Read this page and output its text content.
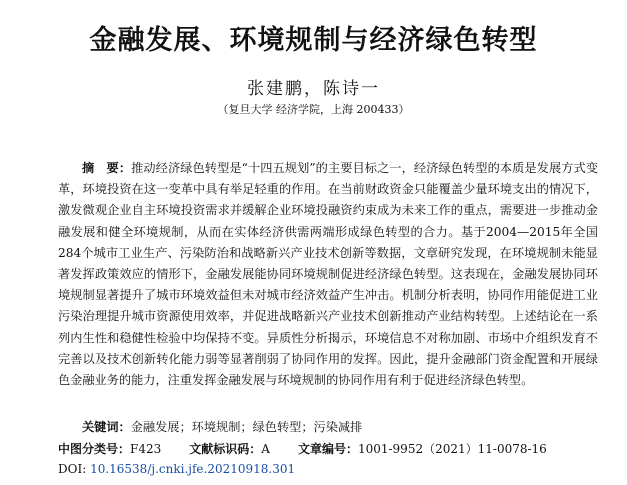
金融发展、环境规制与经济绿色转型
张建鹏，陈诗一
（复旦大学 经济学院，上海 200433）
摘　要：推动经济绿色转型是“十四五规划”的主要目标之一，经济绿色转型的本质是发展方式变革，环境投资在这一变革中具有举足轻重的作用。在当前财政资金只能覆盖少量环境支出的情况下，激发微观企业自主环境投资需求并缓解企业环境投融资约束成为未来工作的重点，需要进一步推动金融发展和健全环境规制，从而在实体经济供需两端形成绿色转型的合力。基于2004—2015年全国284个城市工业生产、污染防治和战略新兴产业技术创新等数据，文章研究发现，在环境规制未能显著发挥政策效应的情形下，金融发展能协同环境规制促进经济绿色转型。这表现在，金融发展协同环境规制显著提升了城市环境效益但未对城市经济效益产生冲击。机制分析表明，协同作用能促进工业污染治理提升城市资源使用效率，并促进战略新兴产业技术创新推动产业结构转型。上述结论在一系列内生性和稳健性检验中均保持不变。异质性分析揭示，环境信息不对称加剧、市场中介组织发育不完善以及技术创新转化能力弱等显著削弱了协同作用的发挥。因此，提升金融部门资金配置和开展绿色金融业务的能力，注重发挥金融发展与环境规制的协同作用有利于促进经济绿色转型。
关键词：金融发展；环境规制；绿色转型；污染减排
中图分类号：F423 文献标识码：A 文章编号：1001-9952（2021）11-0078-16
DOI: 10.16538/j.cnki.jfe.20210918.301
